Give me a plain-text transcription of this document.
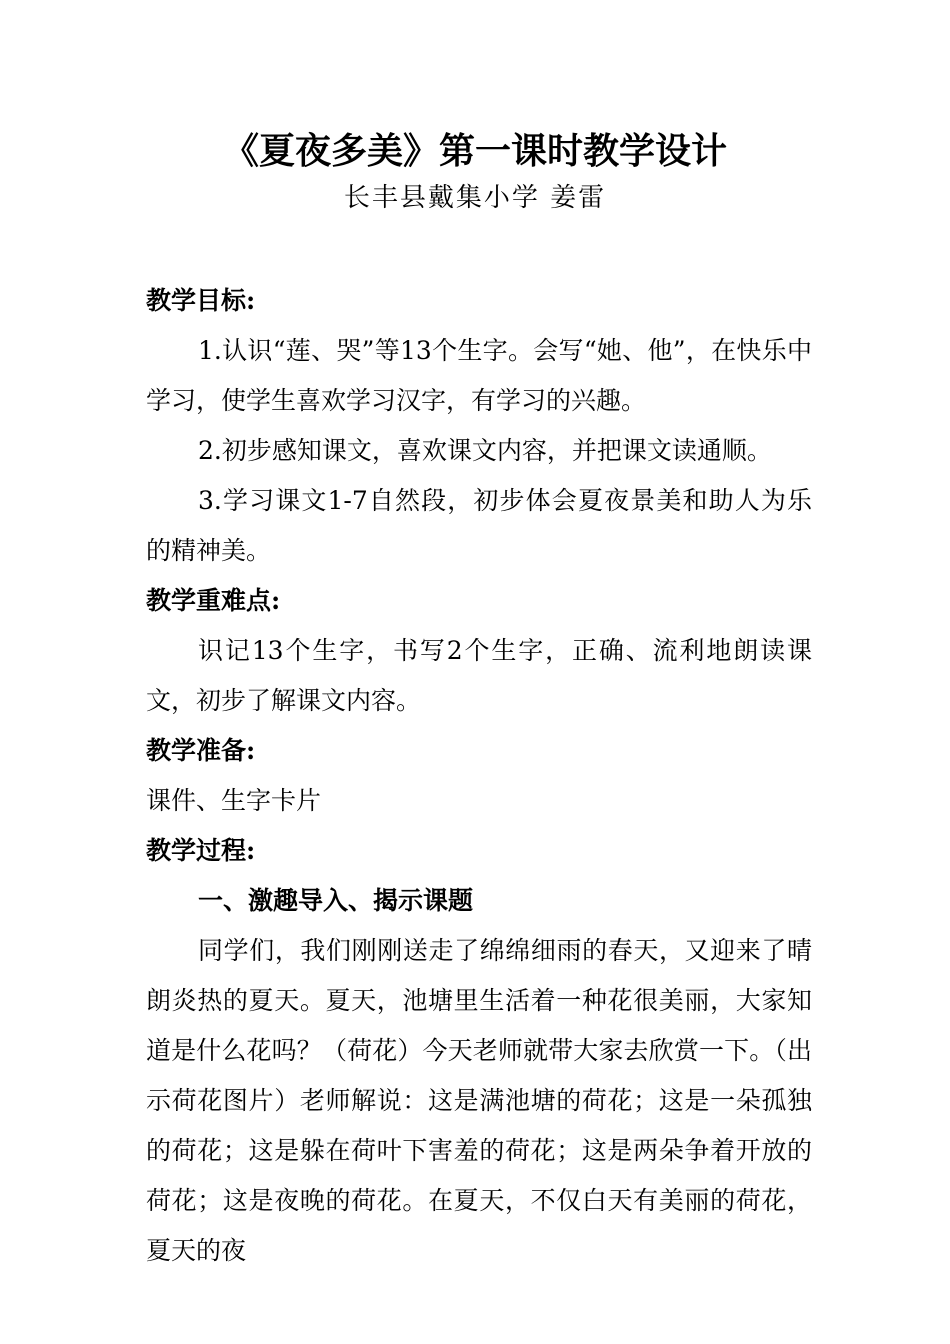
《夏夜多美》第一课时教学设计
长丰县戴集小学 姜雷
教学目标:

1.认识“莲、哭”等13个生字。会写“她、他”，在快乐中学习，使学生喜欢学习汉字，有学习的兴趣。

2.初步感知课文，喜欢课文内容，并把课文读通顺。

3.学习课文1-7自然段，初步体会夏夜景美和助人为乐的精神美。

教学重难点:

识记13个生字，书写2个生字，正确、流利地朗读课文，初步了解课文内容。

教学准备:

课件、生字卡片

教学过程:
一、激趣导入、揭示课题

同学们，我们刚刚送走了绵绵细雨的春天，又迎来了晴朗炎热的夏天。夏天，池塘里生活着一种花很美丽，大家知道是什么花吗？（荷花）今天老师就带大家去欣赏一下。（出示荷花图片）老师解说：这是满池塘的荷花；这是一朵孤独的荷花；这是躲在荷叶下害羞的荷花；这是两朵争着开放的荷花；这是夜晚的荷花。在夏天，不仅白天有美丽的荷花，夏天的夜
